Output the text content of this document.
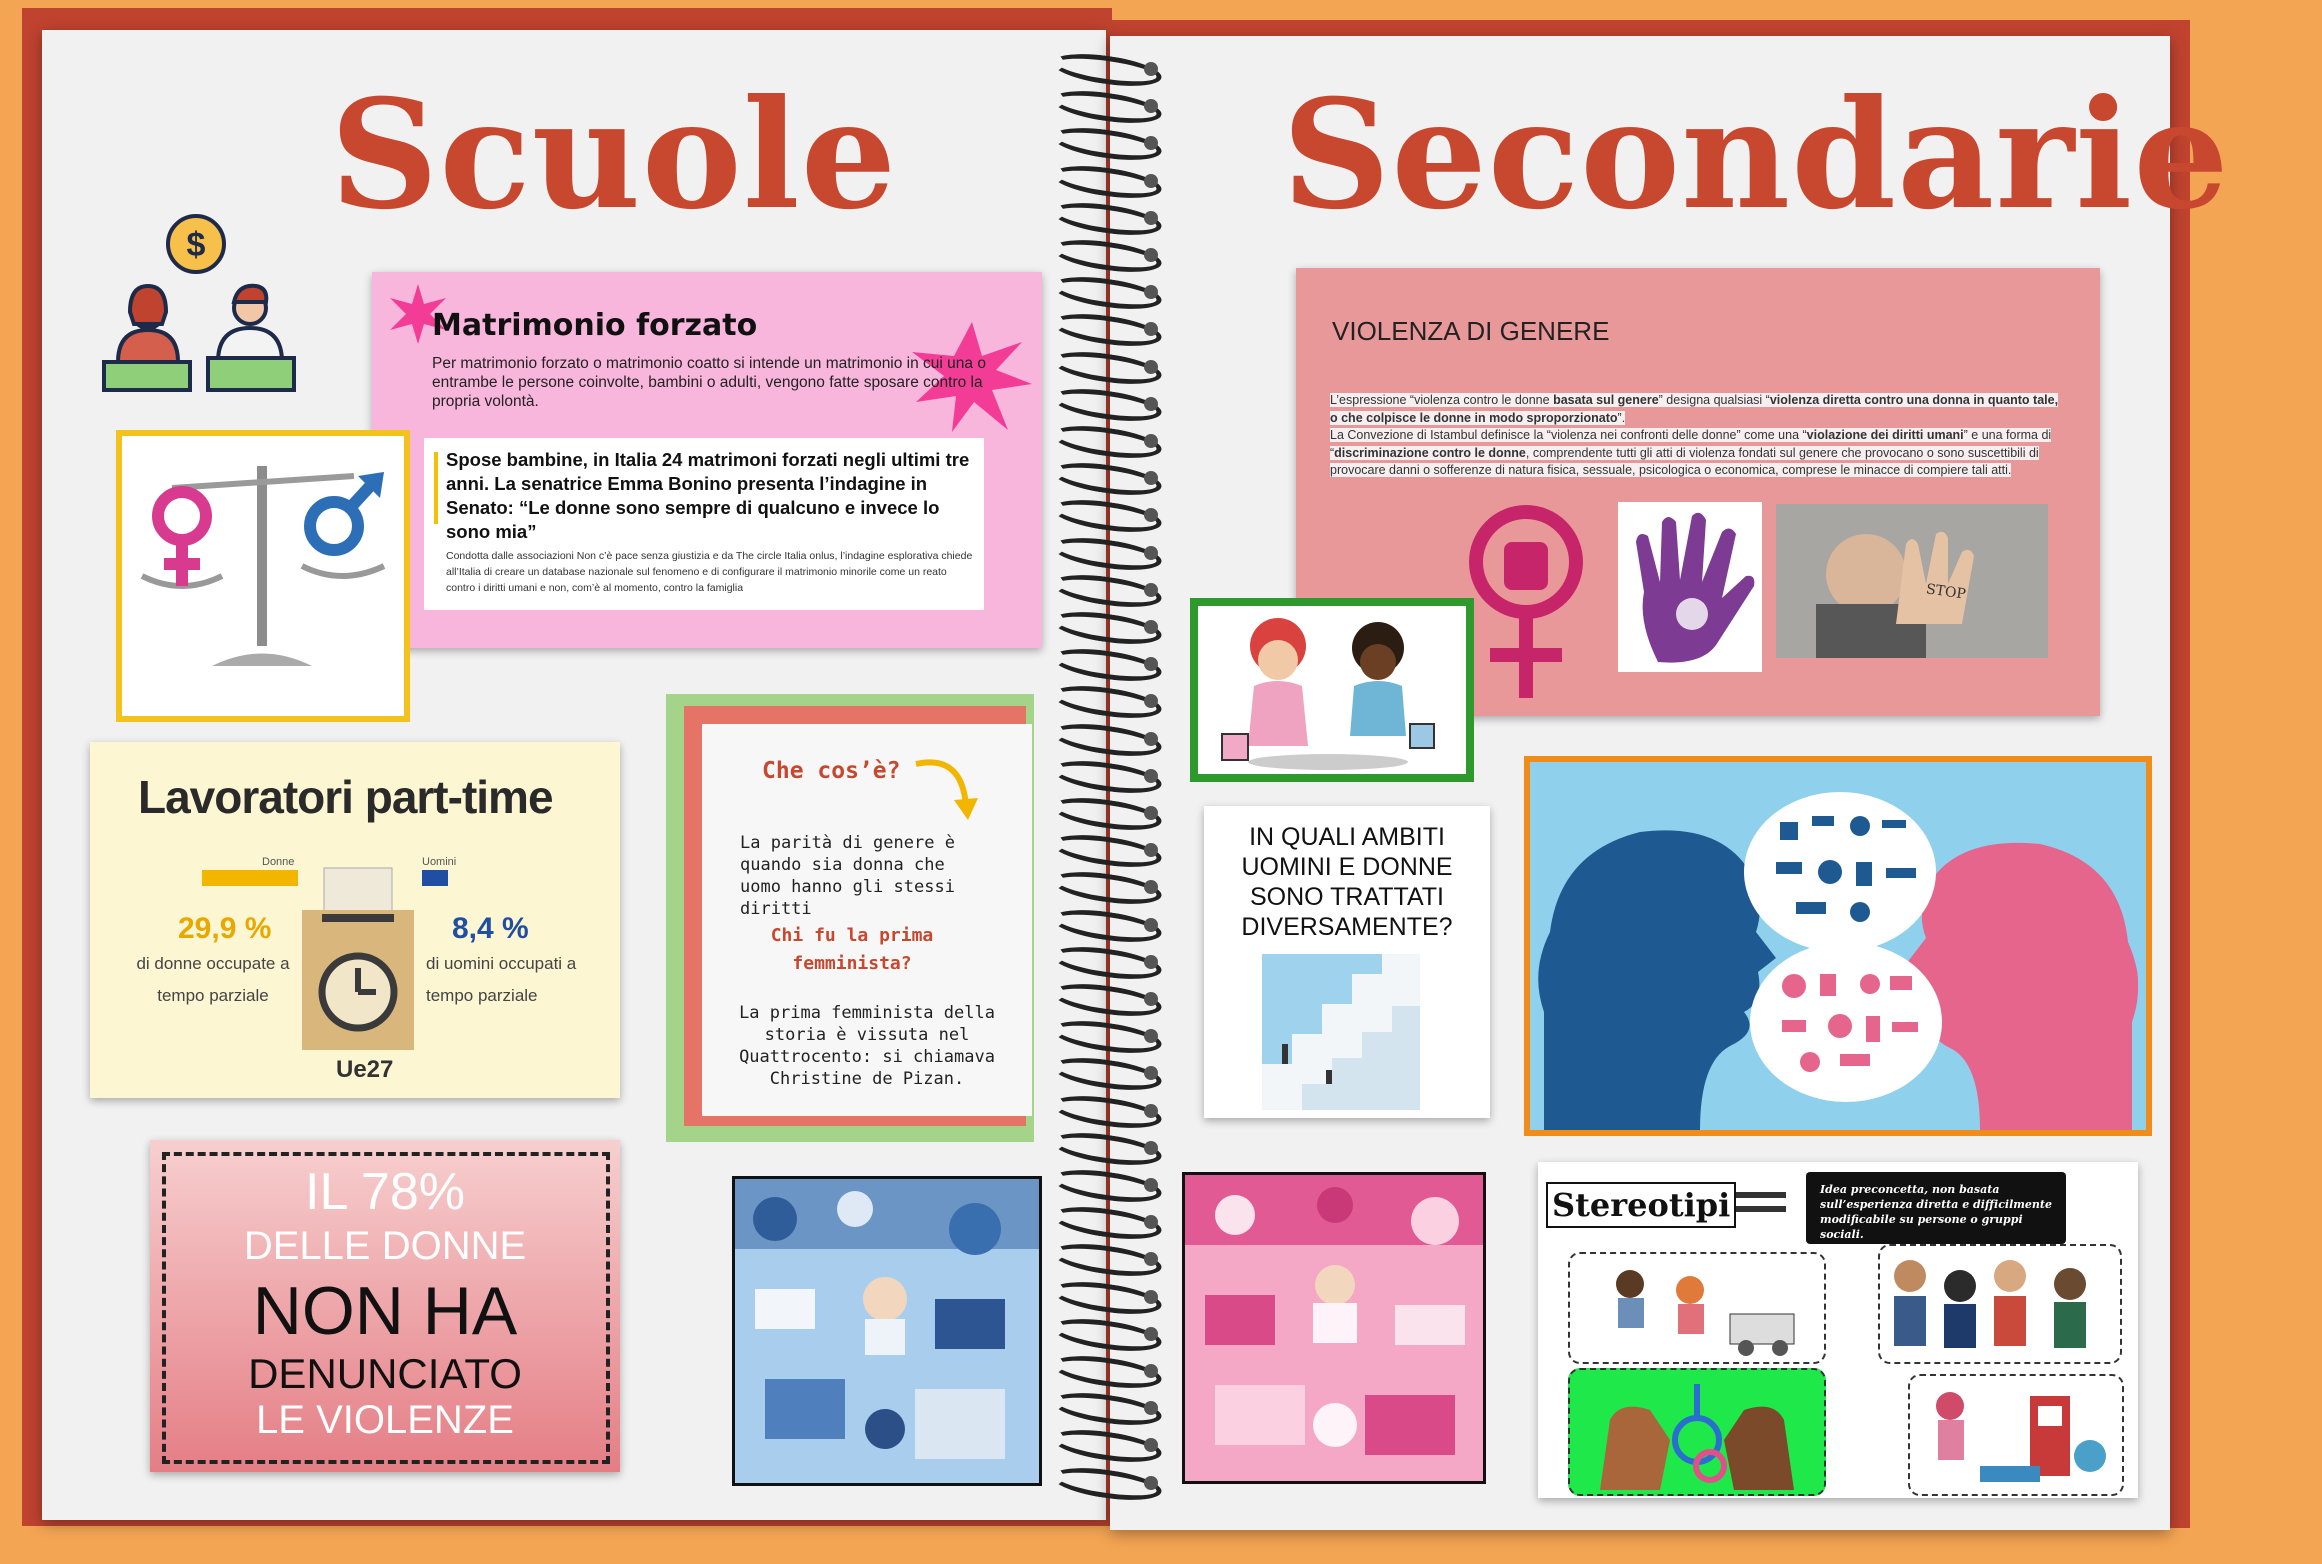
Scuole	Secondarie
$
Matrimonio forzato
Per matrimonio forzato o matrimonio coatto si intende un matrimonio in cui una o entrambe le persone coinvolte, bambini o adulti, vengono fatte sposare contro la propria volontà.
Spose bambine, in Italia 24 matrimoni forzati negli ultimi tre anni. La senatrice Emma Bonino presenta l’indagine in Senato: “Le donne sono sempre di qualcuno e invece lo sono mia”
Condotta dalle associazioni Non c’è pace senza giustizia e da The circle Italia onlus, l’indagine esplorativa chiede all’Italia di creare un database nazionale sul fenomeno e di configurare il matrimonio minorile come un reato contro i diritti umani e non, com’è al momento, contro la famiglia
Lavoratori part-time
Donne	Uomini
29,9 %
di donne occupate a tempo parziale
8,4 %
di uomini occupati a tempo parziale
Ue27
Che cos’è?
La parità di genere è quando sia donna che uomo hanno gli stessi diritti
Chi fu la prima femminista?
La prima femminista della storia è vissuta nel Quattrocento: si chiamava Christine de Pizan.
IL 78%
DELLE DONNE
NON HA
DENUNCIATO
LE VIOLENZE
VIOLENZA DI GENERE
L’espressione “violenza contro le donne basata sul genere” designa qualsiasi “violenza diretta contro una donna in quanto tale, o che colpisce le donne in modo sproporzionato”.
La Convezione di Istambul definisce la “violenza nei confronti delle donne” come una “violazione dei diritti umani” e una forma di “discriminazione contro le donne, comprendente tutti gli atti di violenza fondati sul genere che provocano o sono suscettibili di provocare danni o sofferenze di natura fisica, sessuale, psicologica o economica, comprese le minacce di compiere tali atti.
STOP
IN QUALI AMBITI UOMINI E DONNE SONO TRATTATI DIVERSAMENTE?
Stereotipi	Idea preconcetta, non basata sull’esperienza diretta e difficilmente modificabile su persone o gruppi sociali.
